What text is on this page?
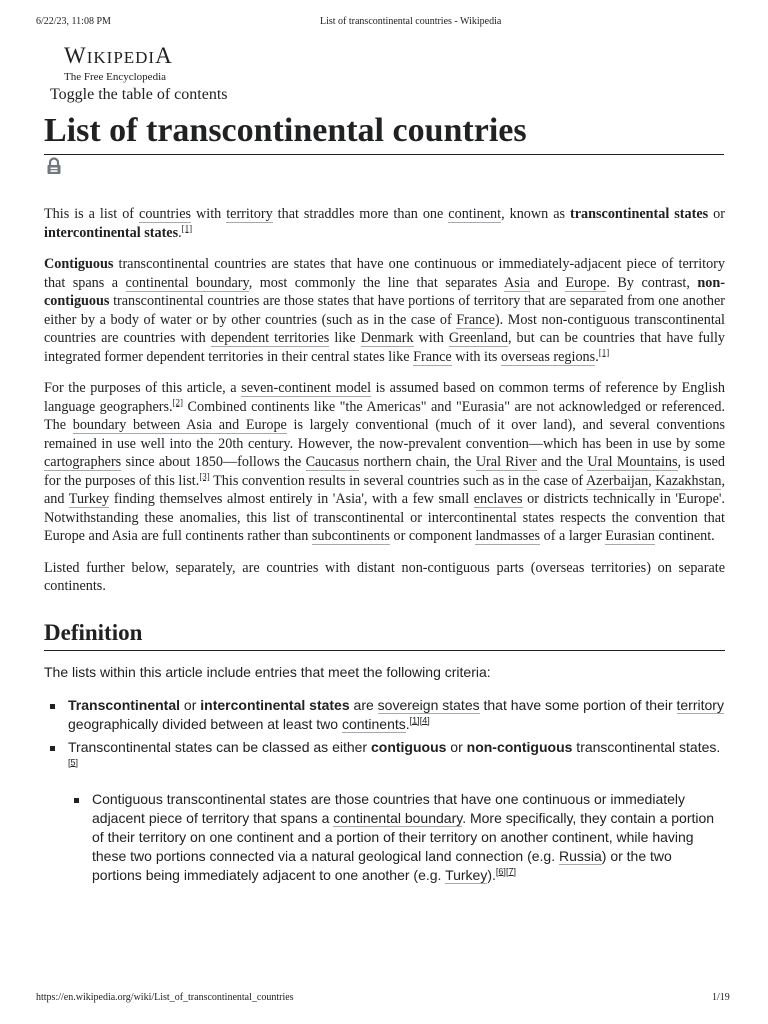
6/22/23, 11:08 PM	List of transcontinental countries - Wikipedia
WIKIPEDIA
The Free Encyclopedia
Toggle the table of contents
List of transcontinental countries

This is a list of countries with territory that straddles more than one continent, known as transcontinental states or intercontinental states.[1]

Contiguous transcontinental countries are states that have one continuous or immediately-adjacent piece of territory that spans a continental boundary, most commonly the line that separates Asia and Europe. By contrast, non-contiguous transcontinental countries are those states that have portions of territory that are separated from one another either by a body of water or by other countries (such as in the case of France). Most non-contiguous transcontinental countries are countries with dependent territories like Denmark with Greenland, but can be countries that have fully integrated former dependent territories in their central states like France with its overseas regions.[1]

For the purposes of this article, a seven-continent model is assumed based on common terms of reference by English language geographers.[2] Combined continents like "the Americas" and "Eurasia" are not acknowledged or referenced. The boundary between Asia and Europe is largely conventional (much of it over land), and several conventions remained in use well into the 20th century. However, the now-prevalent convention—which has been in use by some cartographers since about 1850—follows the Caucasus northern chain, the Ural River and the Ural Mountains, is used for the purposes of this list.[3] This convention results in several countries such as in the case of Azerbaijan, Kazakhstan, and Turkey finding themselves almost entirely in 'Asia', with a few small enclaves or districts technically in 'Europe'. Notwithstanding these anomalies, this list of transcontinental or intercontinental states respects the convention that Europe and Asia are full continents rather than subcontinents or component landmasses of a larger Eurasian continent.

Listed further below, separately, are countries with distant non-contiguous parts (overseas territories) on separate continents.

Definition
The lists within this article include entries that meet the following criteria:
Transcontinental or intercontinental states are sovereign states that have some portion of their territory geographically divided between at least two continents.[1][4]
Transcontinental states can be classed as either contiguous or non-contiguous transcontinental states.[5]
Contiguous transcontinental states are those countries that have one continuous or immediately adjacent piece of territory that spans a continental boundary. More specifically, they contain a portion of their territory on one continent and a portion of their territory on another continent, while having these two portions connected via a natural geological land connection (e.g. Russia) or the two portions being immediately adjacent to one another (e.g. Turkey).[6][7]
https://en.wikipedia.org/wiki/List_of_transcontinental_countries	1/19
